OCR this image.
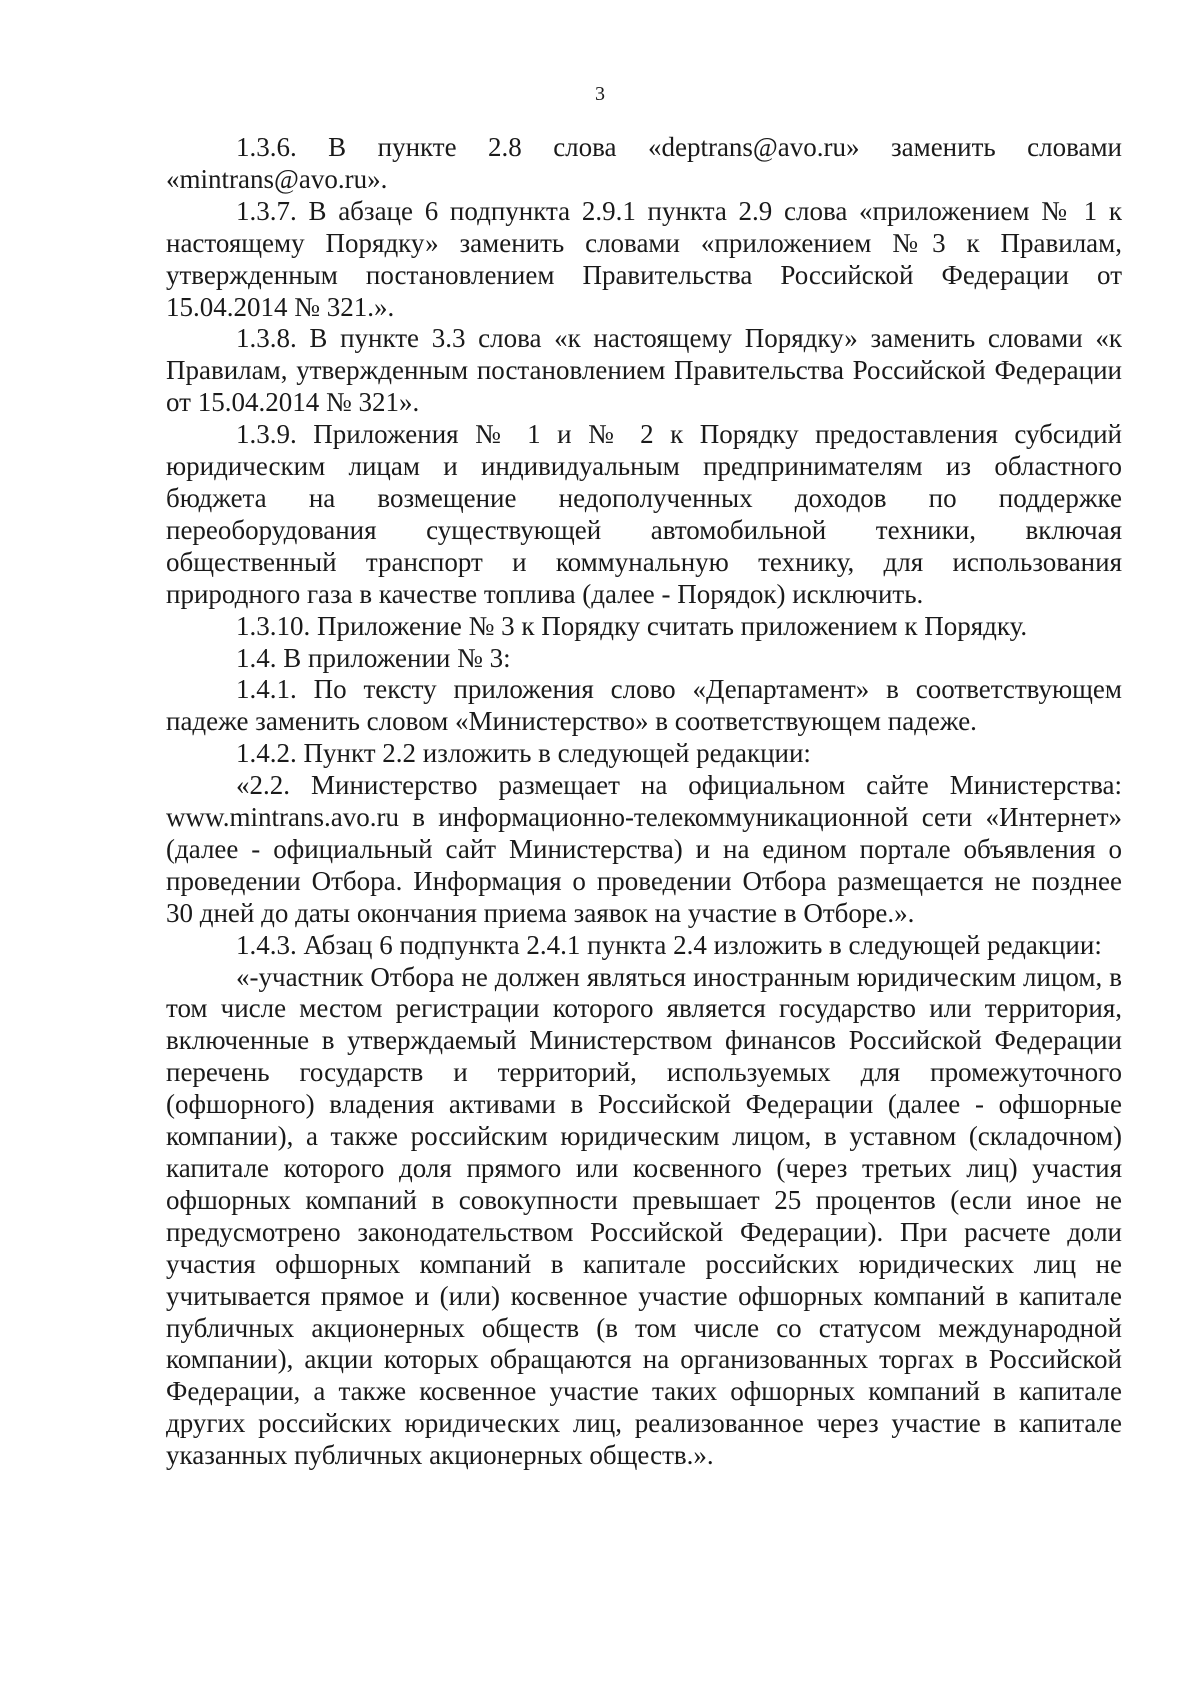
3

1.3.6. В пункте 2.8 слова «deptrans@avo.ru» заменить словами «mintrans@avo.ru».

1.3.7. В абзаце 6 подпункта 2.9.1 пункта 2.9 слова «приложением № 1 к настоящему Порядку» заменить словами «приложением №3 к Правилам, утвержденным постановлением Правительства Российской Федерации от 15.04.2014 № 321.».

1.3.8. В пункте 3.3 слова «к настоящему Порядку» заменить словами «к Правилам, утвержденным постановлением Правительства Российской Федерации от 15.04.2014 № 321».

1.3.9. Приложения № 1 и № 2 к Порядку предоставления субсидий юридическим лицам и индивидуальным предпринимателям из областного бюджета на возмещение недополученных доходов по поддержке переоборудования существующей автомобильной техники, включая общественный транспорт и коммунальную технику, для использования природного газа в качестве топлива (далее - Порядок) исключить.

1.3.10. Приложение № 3 к Порядку считать приложением к Порядку.

1.4. В приложении № 3:

1.4.1. По тексту приложения слово «Департамент» в соответствующем падеже заменить словом «Министерство» в соответствующем падеже.

1.4.2. Пункт 2.2 изложить в следующей редакции:

«2.2. Министерство размещает на официальном сайте Министерства: www.mintrans.avo.ru в информационно-телекоммуникационной сети «Интернет» (далее - официальный сайт Министерства) и на едином портале объявления о проведении Отбора. Информация о проведении Отбора размещается не позднее 30 дней до даты окончания приема заявок на участие в Отборе.».

1.4.3. Абзац 6 подпункта 2.4.1 пункта 2.4 изложить в следующей редакции:

«-участник Отбора не должен являться иностранным юридическим лицом, в том числе местом регистрации которого является государство или территория, включенные в утверждаемый Министерством финансов Российской Федерации перечень государств и территорий, используемых для промежуточного (офшорного) владения активами в Российской Федерации (далее - офшорные компании), а также российским юридическим лицом, в уставном (складочном) капитале которого доля прямого или косвенного (через третьих лиц) участия офшорных компаний в совокупности превышает 25 процентов (если иное не предусмотрено законодательством Российской Федерации). При расчете доли участия офшорных компаний в капитале российских юридических лиц не учитывается прямое и (или) косвенное участие офшорных компаний в капитале публичных акционерных обществ (в том числе со статусом международной компании), акции которых обращаются на организованных торгах в Российской Федерации, а также косвенное участие таких офшорных компаний в капитале других российских юридических лиц, реализованное через участие в капитале указанных публичных акционерных обществ.».
